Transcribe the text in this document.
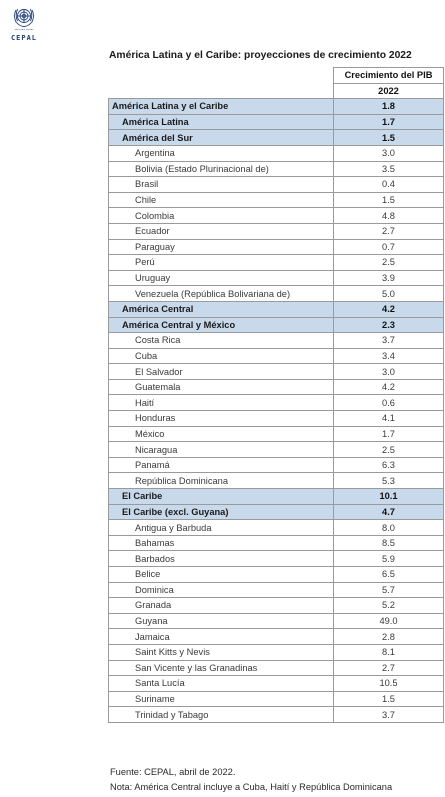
NACIONES UNIDAS
CEPAL
América Latina y el Caribe: proyecciones de crecimiento 2022
	Crecimiento del PIB
	2022
América Latina y el Caribe	1.8
América Latina	1.7
América del Sur	1.5
Argentina	3.0
Bolivia (Estado Plurinacional de)	3.5
Brasil	0.4
Chile	1.5
Colombia	4.8
Ecuador	2.7
Paraguay	0.7
Perú	2.5
Uruguay	3.9
Venezuela (República Bolivariana de)	5.0
América Central	4.2
América Central y México	2.3
Costa Rica	3.7
Cuba	3.4
El Salvador	3.0
Guatemala	4.2
Haití	0.6
Honduras	4.1
México	1.7
Nicaragua	2.5
Panamá	6.3
República Dominicana	5.3
El Caribe	10.1
El Caribe (excl. Guyana)	4.7
Antigua y Barbuda	8.0
Bahamas	8.5
Barbados	5.9
Belice	6.5
Dominica	5.7
Granada	5.2
Guyana	49.0
Jamaica	2.8
Saint Kitts y Nevis	8.1
San Vicente y las Granadinas	2.7
Santa Lucía	10.5
Suriname	1.5
Trinidad y Tabago	3.7
Fuente: CEPAL, abril de 2022.
Nota: América Central incluye a Cuba, Haití y República Dominicana
